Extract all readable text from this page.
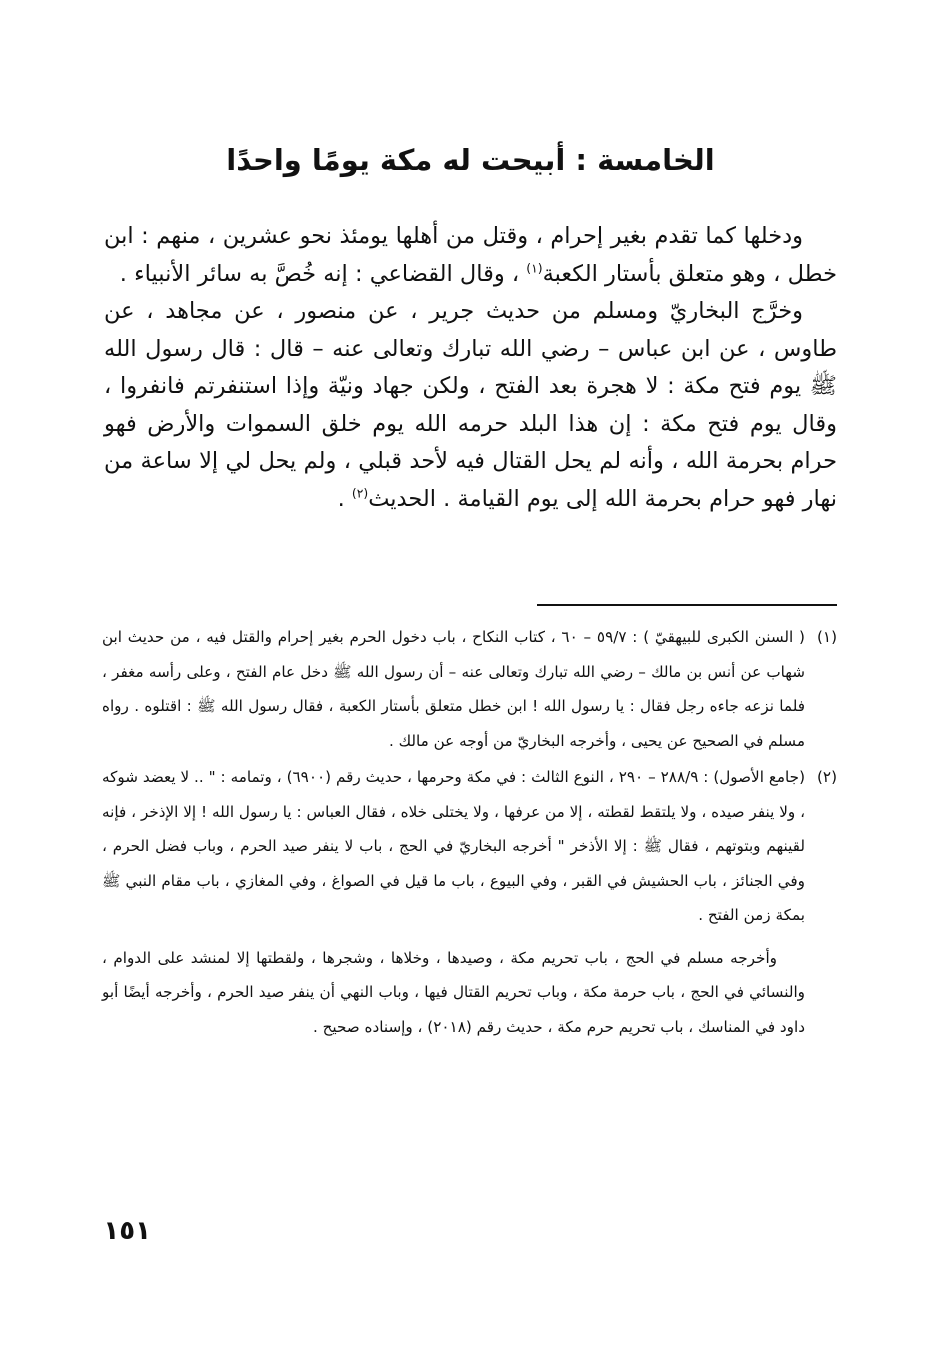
الخامسة : أبيحت له مكة يومًا واحدًا

ودخلها كما تقدم بغير إحرام ، وقتل من أهلها يومئذ نحو عشرين ، منهم : ابن خطل ، وهو متعلق بأستار الكعبة$^{(١)}$ ، وقال القضاعي : إنه خُصَّ به سائر الأنبياء .

وخرَّج البخاريّ ومسلم من حديث جرير ، عن منصور ، عن مجاهد ، عن طاوس ، عن ابن عباس – رضي الله تبارك وتعالى عنه – قال : قال رسول الله ﷺ يوم فتح مكة : لا هجرة بعد الفتح ، ولكن جهاد ونيّة وإذا استنفرتم فانفروا ، وقال يوم فتح مكة : إن هذا البلد حرمه الله يوم خلق السموات والأرض فهو حرام بحرمة الله ، وأنه لم يحل القتال فيه لأحد قبلي ، ولم يحل لي إلا ساعة من نهار فهو حرام بحرمة الله إلى يوم القيامة . الحديث$^{(٢)}$ .

(١)
( السنن الكبرى للبيهقيّ ) : ٥٩/٧ – ٦٠ ، كتاب النكاح ، باب دخول الحرم بغير إحرام والقتل فيه ، من حديث ابن شهاب عن أنس بن مالك – رضي الله تبارك وتعالى عنه – أن رسول الله ﷺ دخل عام الفتح ، وعلى رأسه مغفر ، فلما نزعه جاءه رجل فقال : يا رسول الله ! ابن خطل متعلق بأستار الكعبة ، فقال رسول الله ﷺ : اقتلوه . رواه مسلم في الصحيح عن يحيى ، وأخرجه البخاريّ من أوجه عن مالك .
(٢)
(جامع الأصول) : ٢٨٨/٩ – ٢٩٠ ، النوع الثالث : في مكة وحرمها ، حديث رقم (٦٩٠٠) ، وتمامه : " .. لا يعضد شوكه ، ولا ينفر صيده ، ولا يلتقط لقطته ، إلا من عرفها ، ولا يختلى خلاه ، فقال العباس : يا رسول الله ! إلا الإذخر ، فإنه لقينهم وبتوتهم ، فقال ﷺ : إلا الأذخر " أخرجه البخاريّ في الحج ، باب لا ينفر صيد الحرم ، وباب فضل الحرم ، وفي الجنائز ، باب الحشيش في القبر ، وفي البيوع ، باب ما قيل في الصواغ ، وفي المغازي ، باب مقام النبي ﷺ بمكة زمن الفتح .

وأخرجه مسلم في الحج ، باب تحريم مكة ، وصيدها ، وخلاها ، وشجرها ، ولقطتها إلا لمنشد على الدوام ، والنسائي في الحج ، باب حرمة مكة ، وباب تحريم القتال فيها ، وباب النهي أن ينفر صيد الحرم ، وأخرجه أيضًا أبو داود في المناسك ، باب تحريم حرم مكة ، حديث رقم (٢٠١٨) ، وإسناده صحيح .

١٥١
